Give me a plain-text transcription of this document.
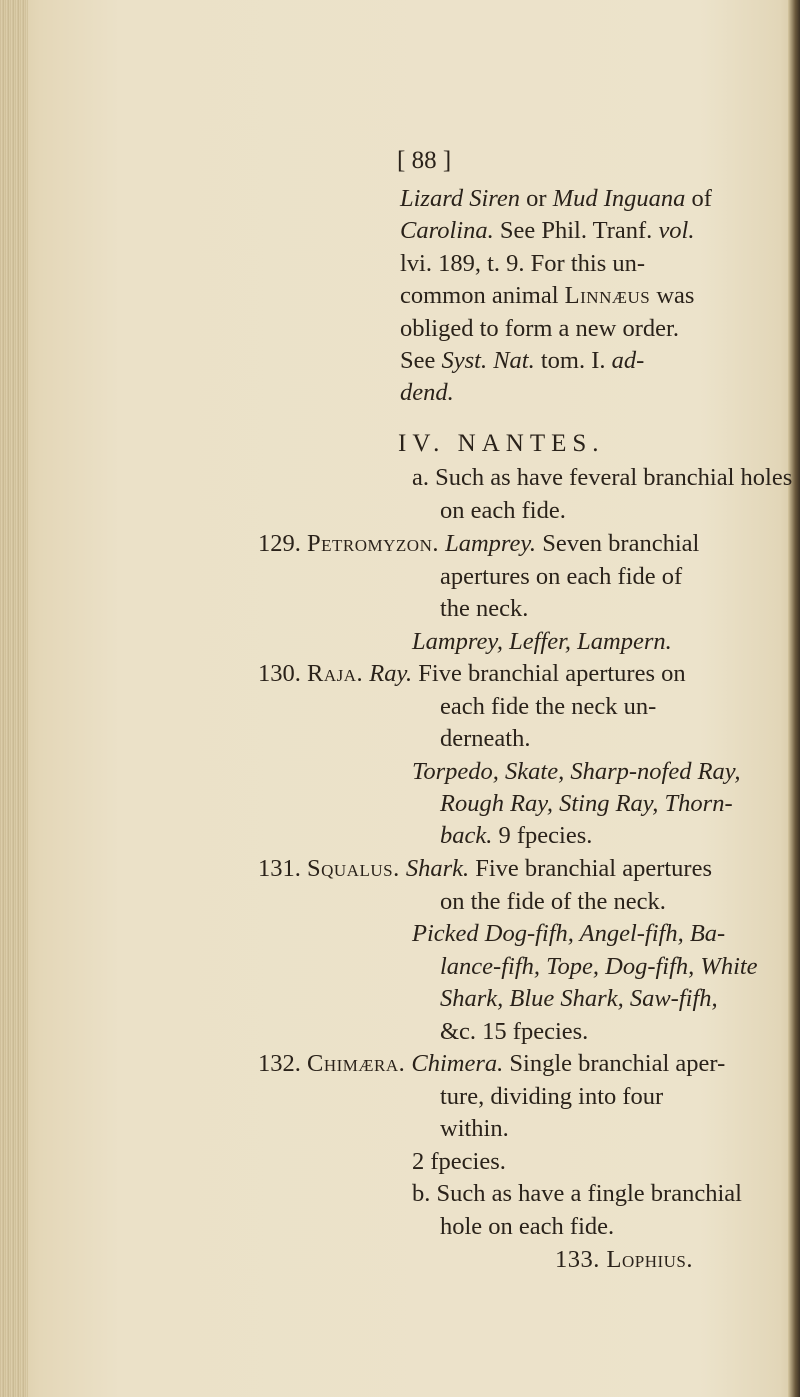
[ 88 ]
Lizard Siren or Mud Inguana of
Carolina. See Phil. Tranf. vol.
lvi. 189, t. 9. For this un-
common animal Linnæus was
obliged to form a new order.
See Syst. Nat. tom. I. ad-
dend.
IV. NANTES.
a. Such as have feveral branchial holes
on each fide.
129. Petromyzon. Lamprey. Seven branchial
apertures on each fide of
the neck.
Lamprey, Leffer, Lampern.
130. Raja. Ray. Five branchial apertures on
each fide the neck un-
derneath.
Torpedo, Skate, Sharp-nofed Ray,
Rough Ray, Sting Ray, Thorn-
back. 9 fpecies.
131. Squalus. Shark. Five branchial apertures
on the fide of the neck.
Picked Dog-fifh, Angel-fifh, Ba-
lance-fifh, Tope, Dog-fifh, White
Shark, Blue Shark, Saw-fifh,
&c. 15 fpecies.
132. Chimæra. Chimera. Single branchial aper-
ture, dividing into four
within.
2 fpecies.
b. Such as have a fingle branchial
hole on each fide.
133. Lophius.
